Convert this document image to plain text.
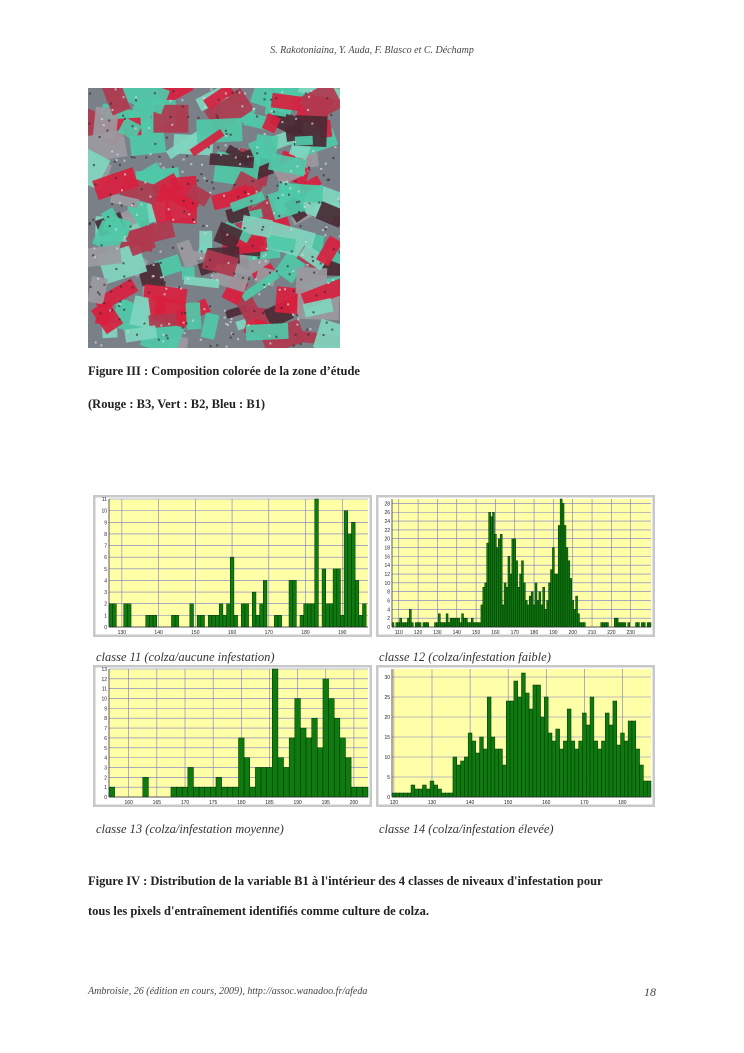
S. Rakotoniaina, Y. Auda, F. Blasco et C. Déchamp
Figure III : Composition colorée de la zone d’étude
(Rouge : B3, Vert : B2, Bleu : B1)
0
1
2
3
4
5
6
7
8
9
10
11
130	140	150	160	170	180	190
0
2
4
6
8
10
12
14
16
18
20
22
24
26
28
110 120 130 140 150 160 170 180 190 200 210 220 230
0
1
2
3
4
5
6
7
8
9
10
11
12
13
160	165	170	175	180	185	190	195	200
0
5
10
15
20
25
30
120	130	140	150	160	170	180
classe 11 (colza/aucune infestation)	classe 12 (colza/infestation faible)
classe 13 (colza/infestation moyenne)	classe 14 (colza/infestation élevée)
Figure IV : Distribution de la variable B1 à l'intérieur des 4 classes de niveaux d'infestation pour
tous les pixels d'entraînement identifiés comme culture de colza.
Ambroisie, 26 (édition en cours, 2009), http://assoc.wanadoo.fr/afeda	18
